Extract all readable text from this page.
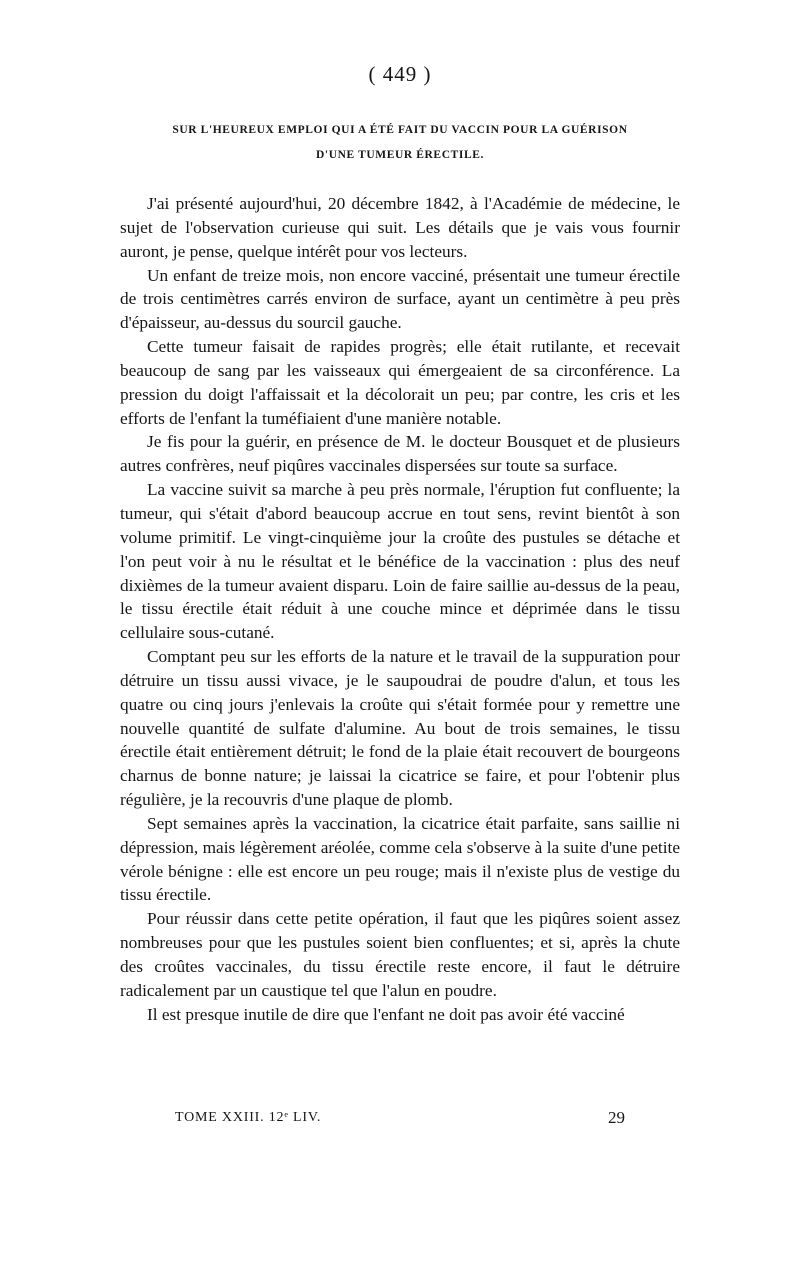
( 449 )
SUR L'HEUREUX EMPLOI QUI A ÉTÉ FAIT DU VACCIN POUR LA GUÉRISON
D'UNE TUMEUR ÉRECTILE.

J'ai présenté aujourd'hui, 20 décembre 1842, à l'Académie de médecine, le sujet de l'observation curieuse qui suit. Les détails que je vais vous fournir auront, je pense, quelque intérêt pour vos lecteurs.

Un enfant de treize mois, non encore vacciné, présentait une tumeur érectile de trois centimètres carrés environ de surface, ayant un centimètre à peu près d'épaisseur, au-dessus du sourcil gauche.

Cette tumeur faisait de rapides progrès; elle était rutilante, et recevait beaucoup de sang par les vaisseaux qui émergeaient de sa circonférence. La pression du doigt l'affaissait et la décolorait un peu; par contre, les cris et les efforts de l'enfant la tuméfiaient d'une manière notable.

Je fis pour la guérir, en présence de M. le docteur Bousquet et de plusieurs autres confrères, neuf piqûres vaccinales dispersées sur toute sa surface.

La vaccine suivit sa marche à peu près normale, l'éruption fut confluente; la tumeur, qui s'était d'abord beaucoup accrue en tout sens, revint bientôt à son volume primitif. Le vingt-cinquième jour la croûte des pustules se détache et l'on peut voir à nu le résultat et le bénéfice de la vaccination : plus des neuf dixièmes de la tumeur avaient disparu. Loin de faire saillie au-dessus de la peau, le tissu érectile était réduit à une couche mince et déprimée dans le tissu cellulaire sous-cutané.

Comptant peu sur les efforts de la nature et le travail de la suppuration pour détruire un tissu aussi vivace, je le saupoudrai de poudre d'alun, et tous les quatre ou cinq jours j'enlevais la croûte qui s'était formée pour y remettre une nouvelle quantité de sulfate d'alumine. Au bout de trois semaines, le tissu érectile était entièrement détruit; le fond de la plaie était recouvert de bourgeons charnus de bonne nature; je laissai la cicatrice se faire, et pour l'obtenir plus régulière, je la recouvris d'une plaque de plomb.

Sept semaines après la vaccination, la cicatrice était parfaite, sans saillie ni dépression, mais légèrement aréolée, comme cela s'observe à la suite d'une petite vérole bénigne : elle est encore un peu rouge; mais il n'existe plus de vestige du tissu érectile.

Pour réussir dans cette petite opération, il faut que les piqûres soient assez nombreuses pour que les pustules soient bien confluentes; et si, après la chute des croûtes vaccinales, du tissu érectile reste encore, il faut le détruire radicalement par un caustique tel que l'alun en poudre.

Il est presque inutile de dire que l'enfant ne doit pas avoir été vacciné

TOME XXIII. 12ᵉ LIV.	29
